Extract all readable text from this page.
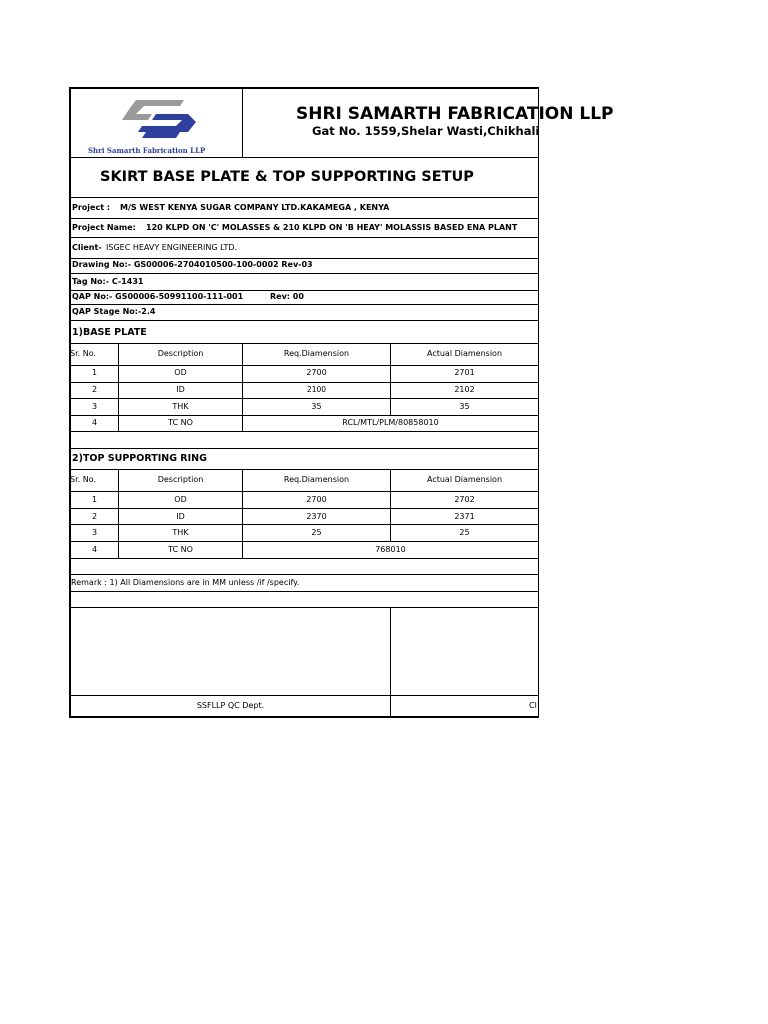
Shri Samarth Fabrication LLP
SHRI SAMARTH FABRICATION LLP
Gat No. 1559,Shelar Wasti,Chikhali
SKIRT BASE PLATE & TOP SUPPORTING SETUP
Project : M/S WEST KENYA SUGAR COMPANY LTD.KAKAMEGA , KENYA
Project Name: 120 KLPD ON 'C' MOLASSES & 210 KLPD ON 'B HEAY' MOLASSIS BASED ENA PLANT
Client- ISGEC HEAVY ENGINEERING LTD.
Drawing No:- GS00006-2704010500-100-0002 Rev-03
Tag No:- C-1431
QAP No:- GS00006-50991100-111-001	Rev: 00
QAP Stage No:-2.4
1)BASE PLATE
Sr. No.	Description	Req.Diamension	Actual Diamension
1	OD	2700	2701
2	ID	2100	2102
3	THK	35	35
4	TC NO	RCL/MTL/PLM/80858010
2)TOP SUPPORTING RING
Sr. No.	Description	Req.Diamension	Actual Diamension
1	OD	2700	2702
2	ID	2370	2371
3	THK	25	25
4	TC NO	768010
Remark : 1) All Diamensions are in MM unless /if /specify.
SSFLLP QC Dept.	Cl
